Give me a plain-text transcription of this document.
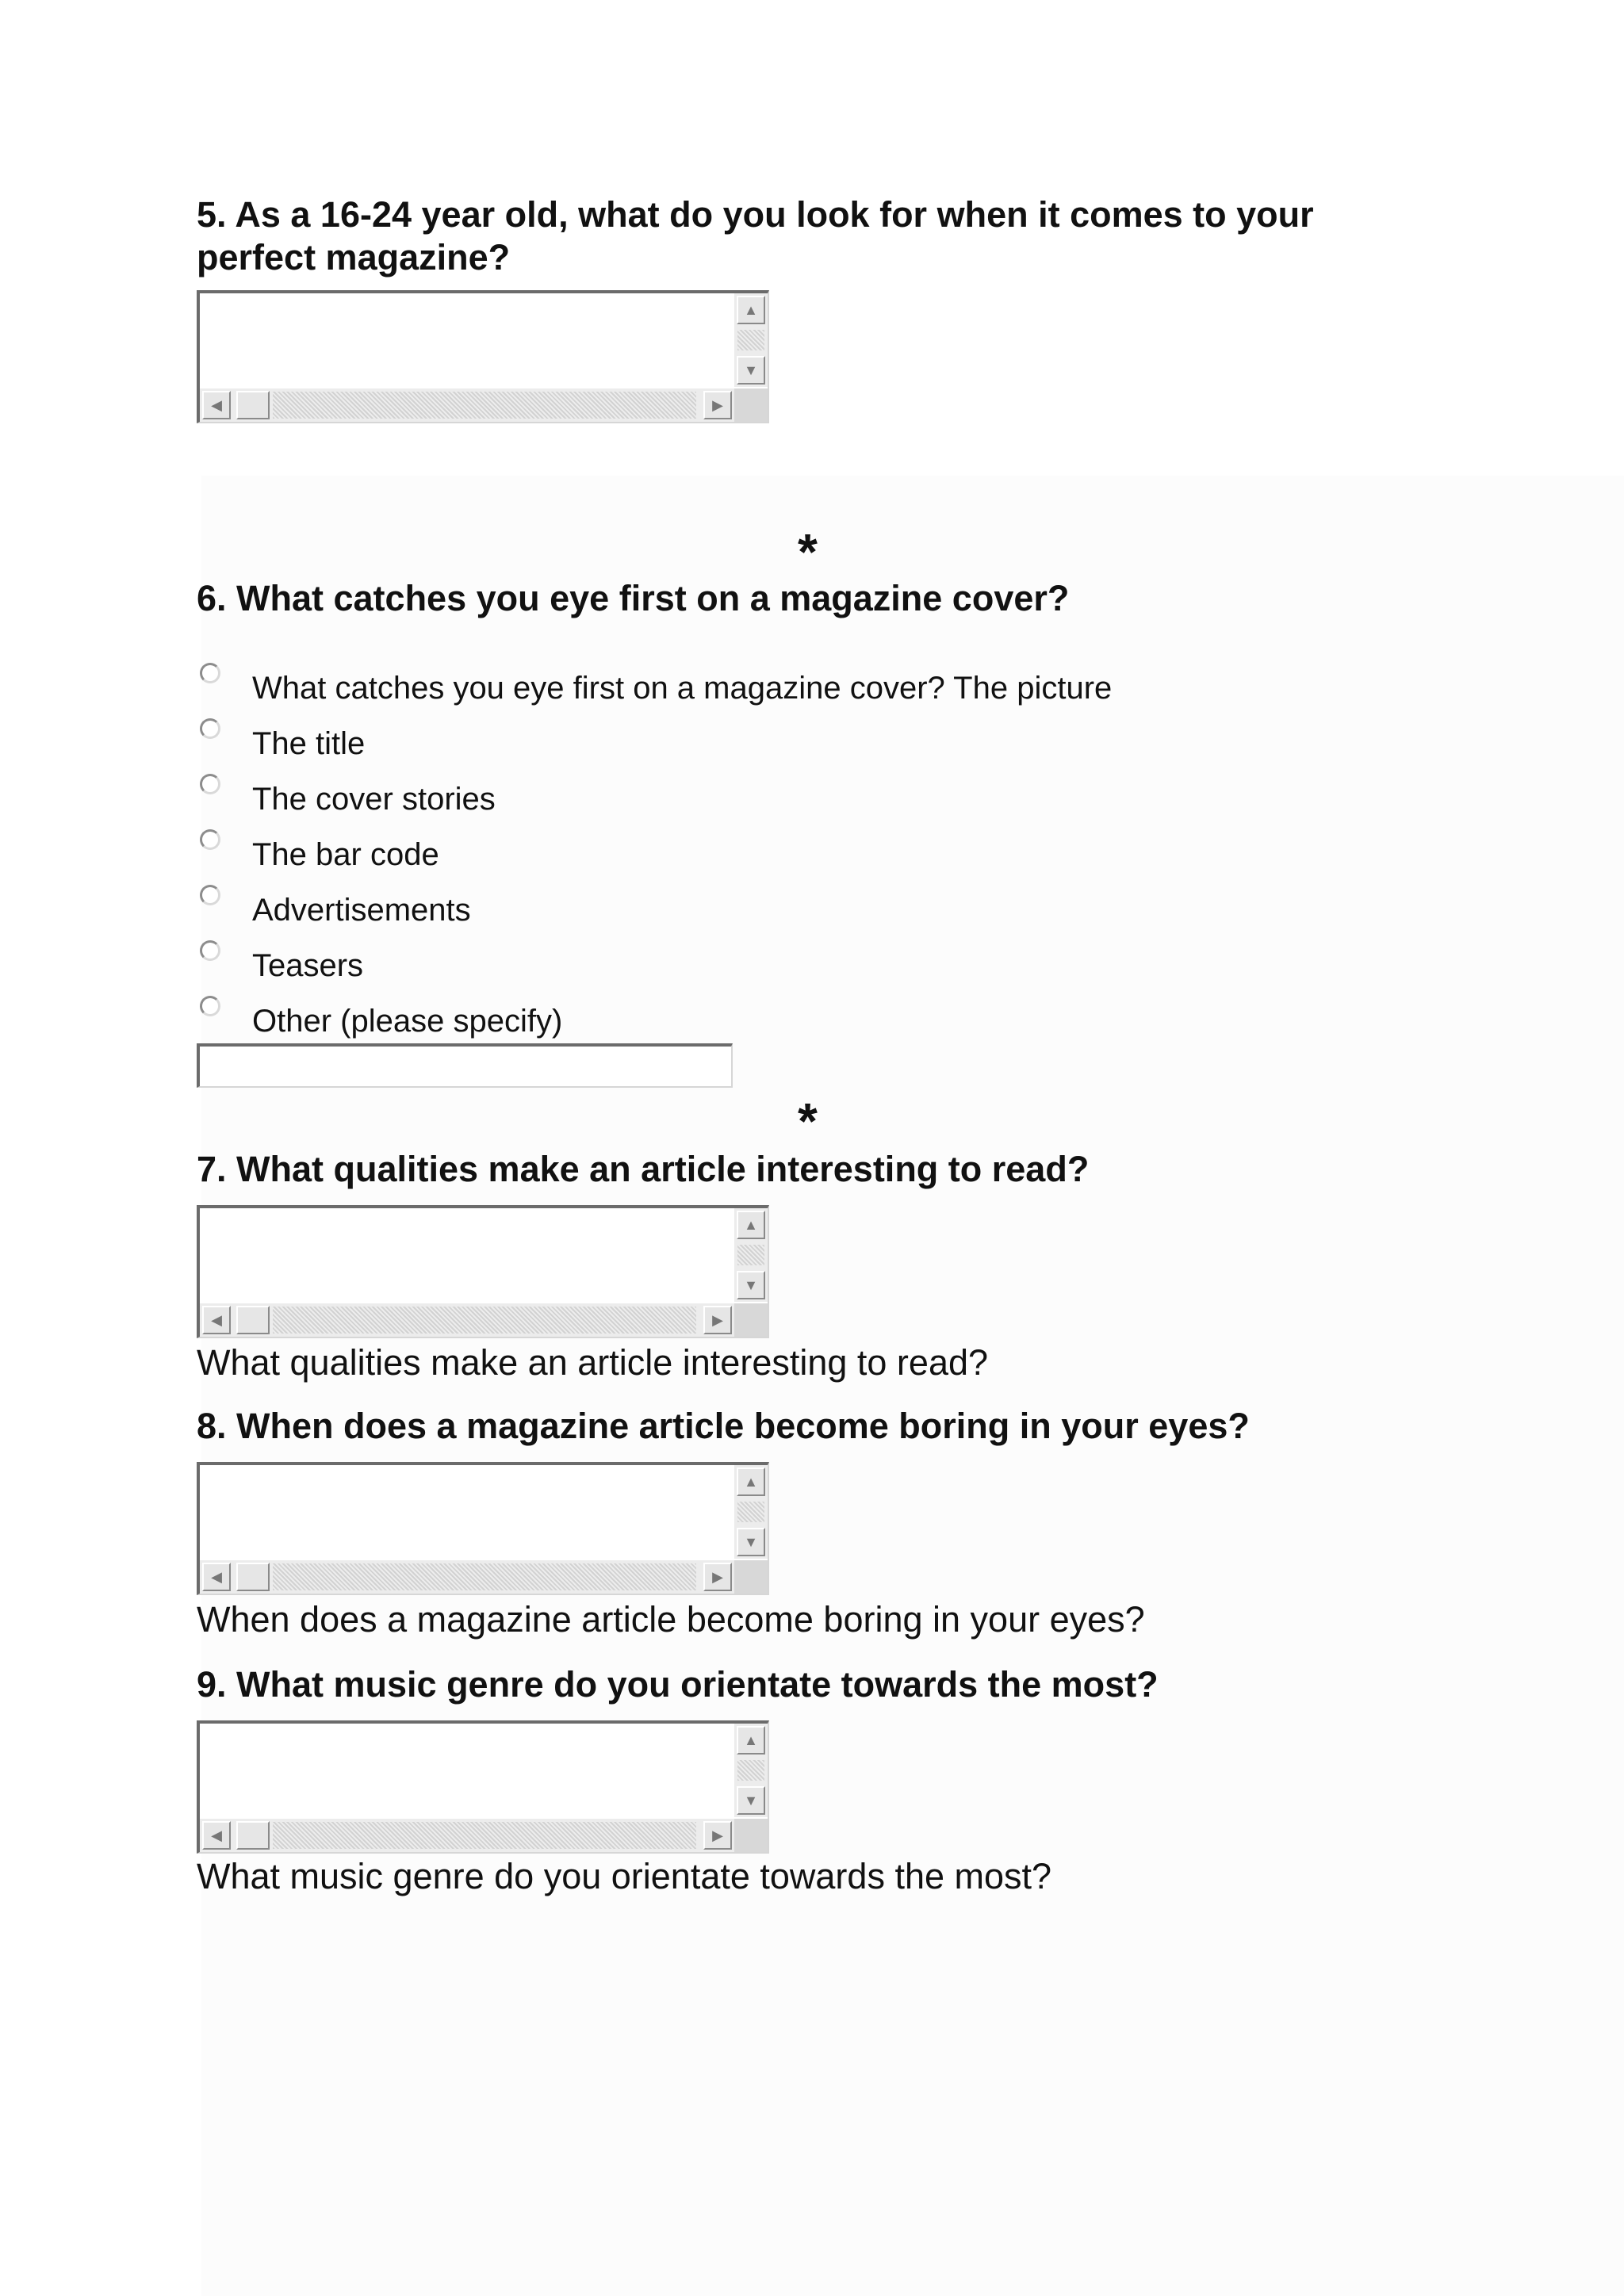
5. As a 16-24 year old, what do you look for when it comes to your perfect magazine?

▲
▼
◀	▶
*

6. What catches you eye first on a magazine cover?

What catches you eye first on a magazine cover? The picture
The title
The cover stories
The bar code
Advertisements
Teasers
Other (please specify)
*

7. What qualities make an article interesting to read?

▲
▼
◀	▶
What qualities make an article interesting to read?

8. When does a magazine article become boring in your eyes?

▲
▼
◀	▶
When does a magazine article become boring in your eyes?

9. What music genre do you orientate towards the most?

▲
▼
◀	▶
What music genre do you orientate towards the most?
